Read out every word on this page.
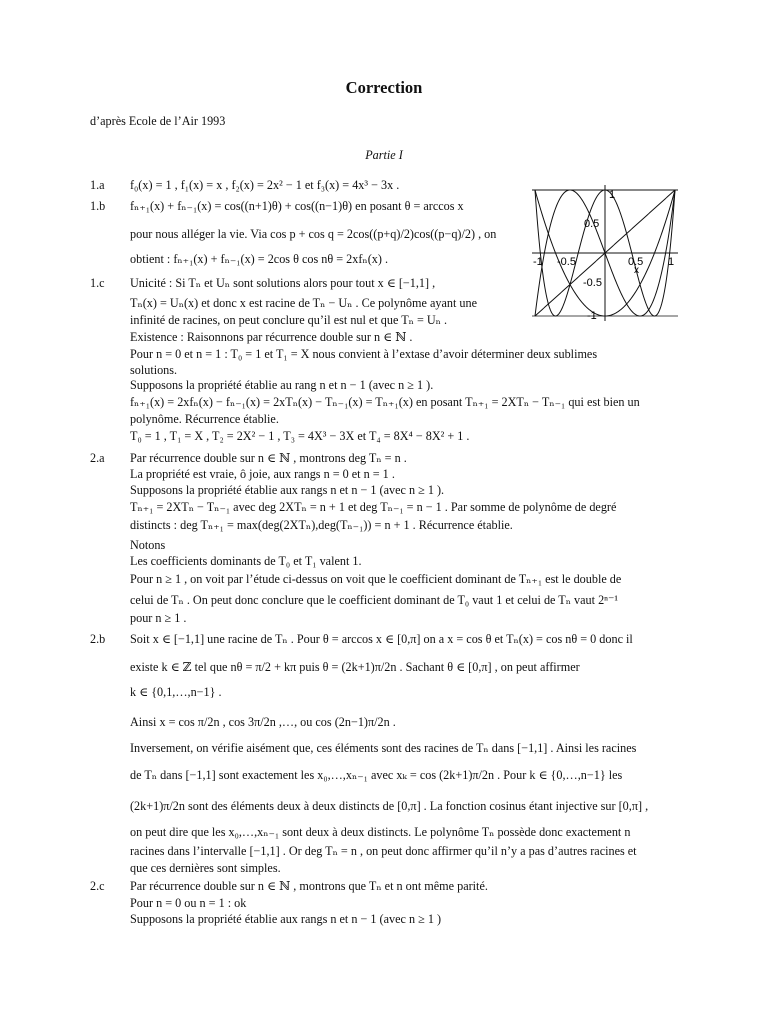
Correction
d’après Ecole de l’Air 1993
Partie I
1.a f₀(x) = 1 , f₁(x) = x , f₂(x) = 2x² − 1 et f₃(x) = 4x³ − 3x .
1.b fₙ₊₁(x) + fₙ₋₁(x) = cos((n+1)θ) + cos((n−1)θ) en posant θ = arccos x
pour nous alléger la vie. Via cos p + cos q = 2cos((p+q)/2)cos((p−q)/2) , on
obtient : fₙ₊₁(x) + fₙ₋₁(x) = 2cos θ cos nθ = 2xfₙ(x) .
1.c Unicité : Si Tₙ et Uₙ sont solutions alors pour tout x ∈ [−1,1] ,
Tₙ(x) = Uₙ(x) et donc x est racine de Tₙ − Uₙ . Ce polynôme ayant une
infinité de racines, on peut conclure qu’il est nul et que Tₙ = Uₙ .
Existence : Raisonnons par récurrence double sur n ∈ ℕ .
Pour n = 0 et n = 1 : T₀ = 1 et T₁ = X nous convient à l’extase d’avoir déterminer deux sublimes
solutions.
Supposons la propriété établie au rang n et n − 1 (avec n ≥ 1 ).
fₙ₊₁(x) = 2xfₙ(x) − fₙ₋₁(x) = 2xTₙ(x) − Tₙ₋₁(x) = Tₙ₊₁(x) en posant Tₙ₊₁ = 2XTₙ − Tₙ₋₁ qui est bien un
polynôme. Récurrence établie.
T₀ = 1 , T₁ = X , T₂ = 2X² − 1 , T₃ = 4X³ − 3X et T₄ = 8X⁴ − 8X² + 1 .
2.a Par récurrence double sur n ∈ ℕ , montrons deg Tₙ = n .
La propriété est vraie, ô joie, aux rangs n = 0 et n = 1 .
Supposons la propriété établie aux rangs n et n − 1 (avec n ≥ 1 ).
Tₙ₊₁ = 2XTₙ − Tₙ₋₁ avec deg 2XTₙ = n + 1 et deg Tₙ₋₁ = n − 1 . Par somme de polynôme de degré
distincts : deg Tₙ₊₁ = max(deg(2XTₙ),deg(Tₙ₋₁)) = n + 1 . Récurrence établie.
Notons
Les coefficients dominants de T₀ et T₁ valent 1.
Pour n ≥ 1 , on voit par l’étude ci-dessus on voit que le coefficient dominant de Tₙ₊₁ est le double de
celui de Tₙ . On peut donc conclure que le coefficient dominant de T₀ vaut 1 et celui de Tₙ vaut 2ⁿ⁻¹
pour n ≥ 1 .
2.b Soit x ∈ [−1,1] une racine de Tₙ . Pour θ = arccos x ∈ [0,π] on a x = cos θ et Tₙ(x) = cos nθ = 0 donc il
existe k ∈ ℤ tel que nθ = π/2 + kπ puis θ = (2k+1)π/2n . Sachant θ ∈ [0,π] , on peut affirmer
k ∈ {0,1,…,n−1} .
Ainsi x = cos π/2n , cos 3π/2n ,…, ou cos (2n−1)π/2n .
Inversement, on vérifie aisément que, ces éléments sont des racines de Tₙ dans [−1,1] . Ainsi les racines
de Tₙ dans [−1,1] sont exactement les x₀,…,xₙ₋₁ avec xₖ = cos (2k+1)π/2n . Pour k ∈ {0,…,n−1} les
(2k+1)π/2n sont des éléments deux à deux distincts de [0,π] . La fonction cosinus étant injective sur [0,π] ,
on peut dire que les x₀,…,xₙ₋₁ sont deux à deux distincts. Le polynôme Tₙ possède donc exactement n
racines dans l’intervalle [−1,1] . Or deg Tₙ = n , on peut donc affirmer qu’il n’y a pas d’autres racines et
que ces dernières sont simples.
2.c Par récurrence double sur n ∈ ℕ , montrons que Tₙ et n ont même parité.
Pour n = 0 ou n = 1 : ok
Supposons la propriété établie aux rangs n et n − 1 (avec n ≥ 1 )
1
0.5
-0.5
-1
-1 -0.5	0.5 1
x
